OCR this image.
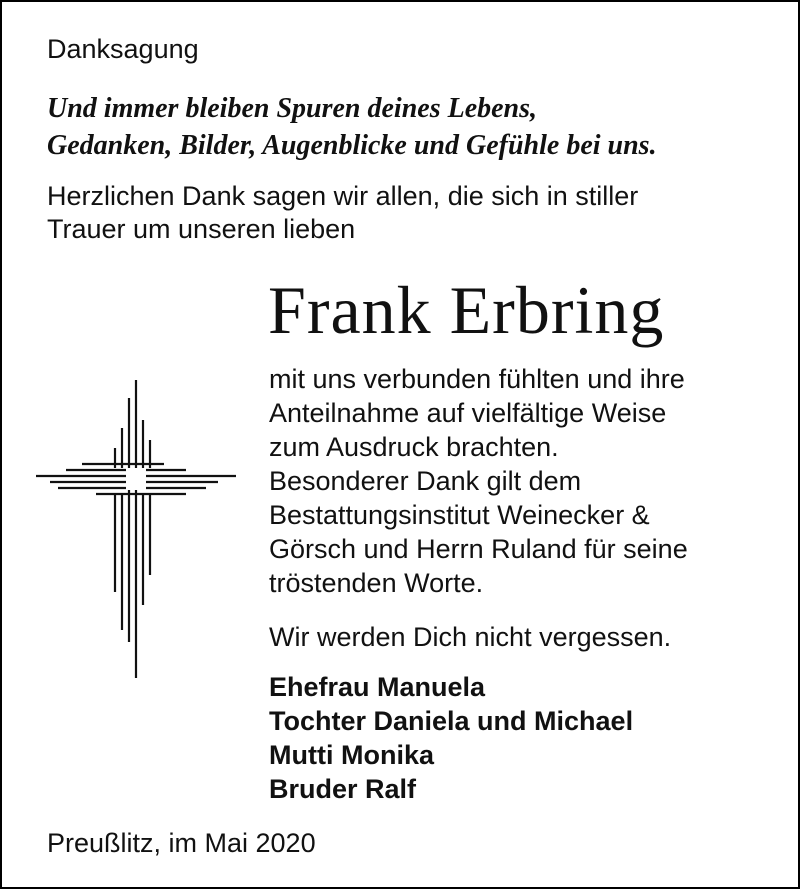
Danksagung

Und immer bleiben Spuren deines Lebens,
Gedanken, Bilder, Augenblicke und Gefühle bei uns.
Herzlichen Dank sagen wir allen, die sich in stiller
Trauer um unseren lieben
Frank Erbring
mit uns verbunden fühlten und ihre
Anteilnahme auf vielfältige Weise
zum Ausdruck brachten.
Besonderer Dank gilt dem
Bestattungsinstitut Weinecker &
Görsch und Herrn Ruland für seine
tröstenden Worte.

Wir werden Dich nicht vergessen.

Ehefrau Manuela
Tochter Daniela und Michael
Mutti Monika
Bruder Ralf

Preußlitz, im Mai 2020
